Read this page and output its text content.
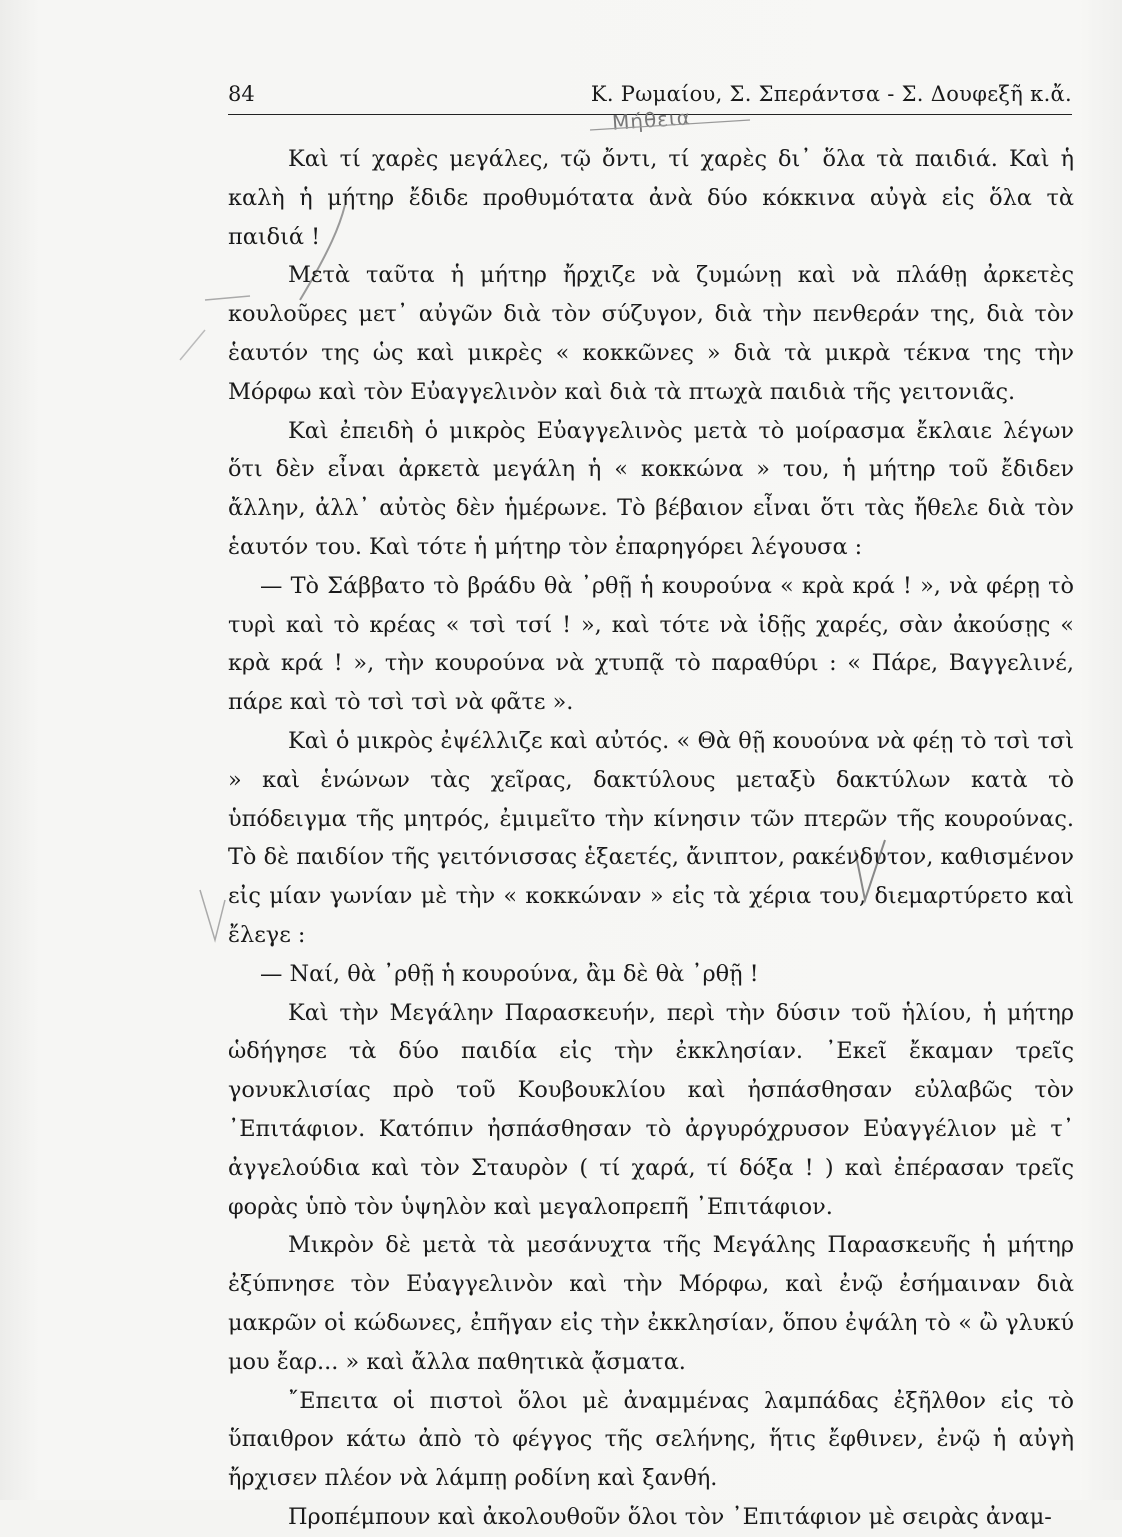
84	Κ. Ρωμαίου, Σ. Σπεράντσα - Σ. Δουφεξῆ κ.ἄ.
Μήθεια

Καὶ τί χαρὲς μεγάλες, τῷ ὄντι, τί χαρὲς δι᾽ ὅλα τὰ παιδιά. Καὶ ἡ καλὴ ἡ μήτηρ ἔδιδε προθυμότατα ἀνὰ δύο κόκκινα αὐγὰ εἰς ὅλα τὰ παιδιά !

Μετὰ ταῦτα ἡ μήτηρ ἤρχιζε νὰ ζυμώνῃ καὶ νὰ πλάθῃ ἀρκετὲς κουλοῦρες μετ᾽ αὐγῶν διὰ τὸν σύζυγον, διὰ τὴν πενθεράν της, διὰ τὸν ἑαυτόν της ὡς καὶ μικρὲς « κοκκῶνες » διὰ τὰ μικρὰ τέκνα της τὴν Μόρφω καὶ τὸν Εὐαγγελινὸν καὶ διὰ τὰ πτωχὰ παιδιὰ τῆς γειτονιᾶς.

Καὶ ἐπειδὴ ὁ μικρὸς Εὐαγγελινὸς μετὰ τὸ μοίρασμα ἔκλαιε λέγων ὅτι δὲν εἶναι ἀρκετὰ μεγάλη ἡ « κοκκώνα » του, ἡ μήτηρ τοῦ ἔδιδεν ἄλλην, ἀλλ᾽ αὐτὸς δὲν ἡμέρωνε. Τὸ βέβαιον εἶναι ὅτι τὰς ἤθελε διὰ τὸν ἑαυτόν του. Καὶ τότε ἡ μήτηρ τὸν ἐπαρηγόρει λέγουσα :

— Τὸ Σάββατο τὸ βράδυ θὰ ᾽ρθῇ ἡ κουρούνα « κρὰ κρά ! », νὰ φέρῃ τὸ τυρὶ καὶ τὸ κρέας « τσὶ τσί ! », καὶ τότε νὰ ἰδῇς χαρές, σὰν ἀκούσῃς « κρὰ κρά ! », τὴν κουρούνα νὰ χτυπᾷ τὸ παραθύρι : « Πάρε, Βαγγελινέ, πάρε καὶ τὸ τσὶ τσὶ νὰ φᾶτε ».

Καὶ ὁ μικρὸς ἐψέλλιζε καὶ αὐτός. « Θὰ θῇ κουούνα νὰ φέῃ τὸ τσὶ τσὶ » καὶ ἑνώνων τὰς χεῖρας, δακτύλους μεταξὺ δακτύλων κατὰ τὸ ὑπόδειγμα τῆς μητρός, ἐμιμεῖτο τὴν κίνησιν τῶν πτερῶν τῆς κουρούνας. Τὸ δὲ παιδίον τῆς γειτόνισσας ἑξαετές, ἄνιπτον, ρακένδυτον, καθισμένον εἰς μίαν γωνίαν μὲ τὴν « κοκκώναν » εἰς τὰ χέρια του, διεμαρτύρετο καὶ ἔλεγε :

— Ναί, θὰ ᾽ρθῇ ἡ κουρούνα, ἂμ δὲ θὰ ᾽ρθῇ !

Καὶ τὴν Μεγάλην Παρασκευήν, περὶ τὴν δύσιν τοῦ ἡλίου, ἡ μήτηρ ὡδήγησε τὰ δύο παιδία εἰς τὴν ἐκκλησίαν. ᾽Εκεῖ ἔκαμαν τρεῖς γονυκλισίας πρὸ τοῦ Κουβουκλίου καὶ ἠσπάσθησαν εὐλαβῶς τὸν ᾽Επιτάφιον. Κατόπιν ἠσπάσθησαν τὸ ἀργυρόχρυσον Εὐαγγέλιον μὲ τ᾽ ἀγγελούδια καὶ τὸν Σταυρὸν ( τί χαρά, τί δόξα ! ) καὶ ἐπέρασαν τρεῖς φορὰς ὑπὸ τὸν ὑψηλὸν καὶ μεγαλοπρεπῆ ᾽Επιτάφιον.

Μικρὸν δὲ μετὰ τὰ μεσάνυχτα τῆς Μεγάλης Παρασκευῆς ἡ μήτηρ ἐξύπνησε τὸν Εὐαγγελινὸν καὶ τὴν Μόρφω, καὶ ἐνῷ ἐσήμαιναν διὰ μακρῶν οἱ κώδωνες, ἐπῆγαν εἰς τὴν ἐκκλησίαν, ὅπου ἐψάλη τὸ « ὢ γλυκύ μου ἔαρ... » καὶ ἄλλα παθητικὰ ᾄσματα.

῎Επειτα οἱ πιστοὶ ὅλοι μὲ ἀναμμένας λαμπάδας ἐξῆλθον εἰς τὸ ὕπαιθρον κάτω ἀπὸ τὸ φέγγος τῆς σελήνης, ἥτις ἔφθινεν, ἐνῷ ἡ αὐγὴ ἤρχισεν πλέον νὰ λάμπῃ ροδίνη καὶ ξανθή.

Προπέμπουν καὶ ἀκολουθοῦν ὅλοι τὸν ᾽Επιτάφιον μὲ σειρὰς ἀναμ-
